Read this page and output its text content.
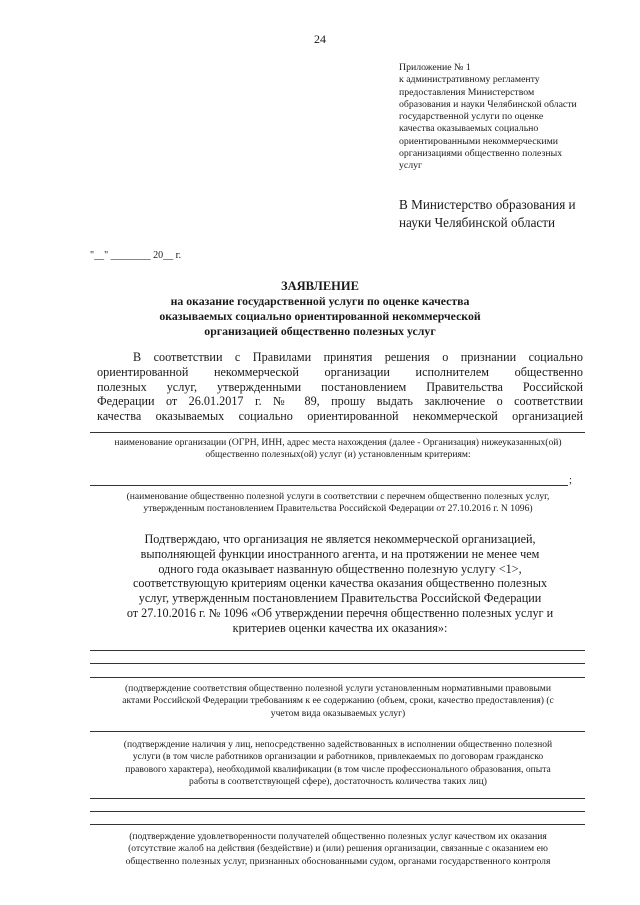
24
Приложение № 1
к административному регламенту
предоставления Министерством
образования и науки Челябинской области
государственной услуги по оценке
качества оказываемых социально
ориентированными некоммерческими
организациями общественно полезных
услуг
В Министерство образования и
науки Челябинской области
"__" ________ 20__ г.
ЗАЯВЛЕНИЕ
на оказание государственной услуги по оценке качества
оказываемых социально ориентированной некоммерческой
организацией общественно полезных услуг
В соответствии с Правилами принятия решения о признании социально
ориентированной некоммерческой организации исполнителем общественно
полезных услуг, утвержденными постановлением Правительства Российской
Федерации от 26.01.2017 г. № 89, прошу выдать заключение о соответствии
качества оказываемых социально ориентированной некоммерческой организацией
наименование организации (ОГРН, ИНН, адрес места нахождения (далее - Организация) нижеуказанных(ой)
общественно полезных(ой) услуг (и) установленным критериям:
;
(наименование общественно полезной услуги в соответствии с перечнем общественно полезных услуг,
утвержденным постановлением Правительства Российской Федерации от 27.10.2016 г. N 1096)
Подтверждаю, что организация не является некоммерческой организацией,
выполняющей функции иностранного агента, и на протяжении не менее чем
одного года оказывает названную общественно полезную услугу <1>,
соответствующую критериям оценки качества оказания общественно полезных
услуг, утвержденным постановлением Правительства Российской Федерации
от 27.10.2016 г. № 1096 «Об утверждении перечня общественно полезных услуг и
критериев оценки качества их оказания»:
(подтверждение соответствия общественно полезной услуги установленным нормативными правовыми
актами Российской Федерации требованиям к ее содержанию (объем, сроки, качество предоставления) (с
учетом вида оказываемых услуг)
(подтверждение наличия у лиц, непосредственно задействованных в исполнении общественно полезной
услуги (в том числе работников организации и работников, привлекаемых по договорам гражданско
правового характера), необходимой квалификации (в том числе профессионального образования, опыта
работы в соответствующей сфере), достаточность количества таких лиц)
(подтверждение удовлетворенности получателей общественно полезных услуг качеством их оказания
(отсутствие жалоб на действия (бездействие) и (или) решения организации, связанные с оказанием ею
общественно полезных услуг, признанных обоснованными судом, органами государственного контроля
